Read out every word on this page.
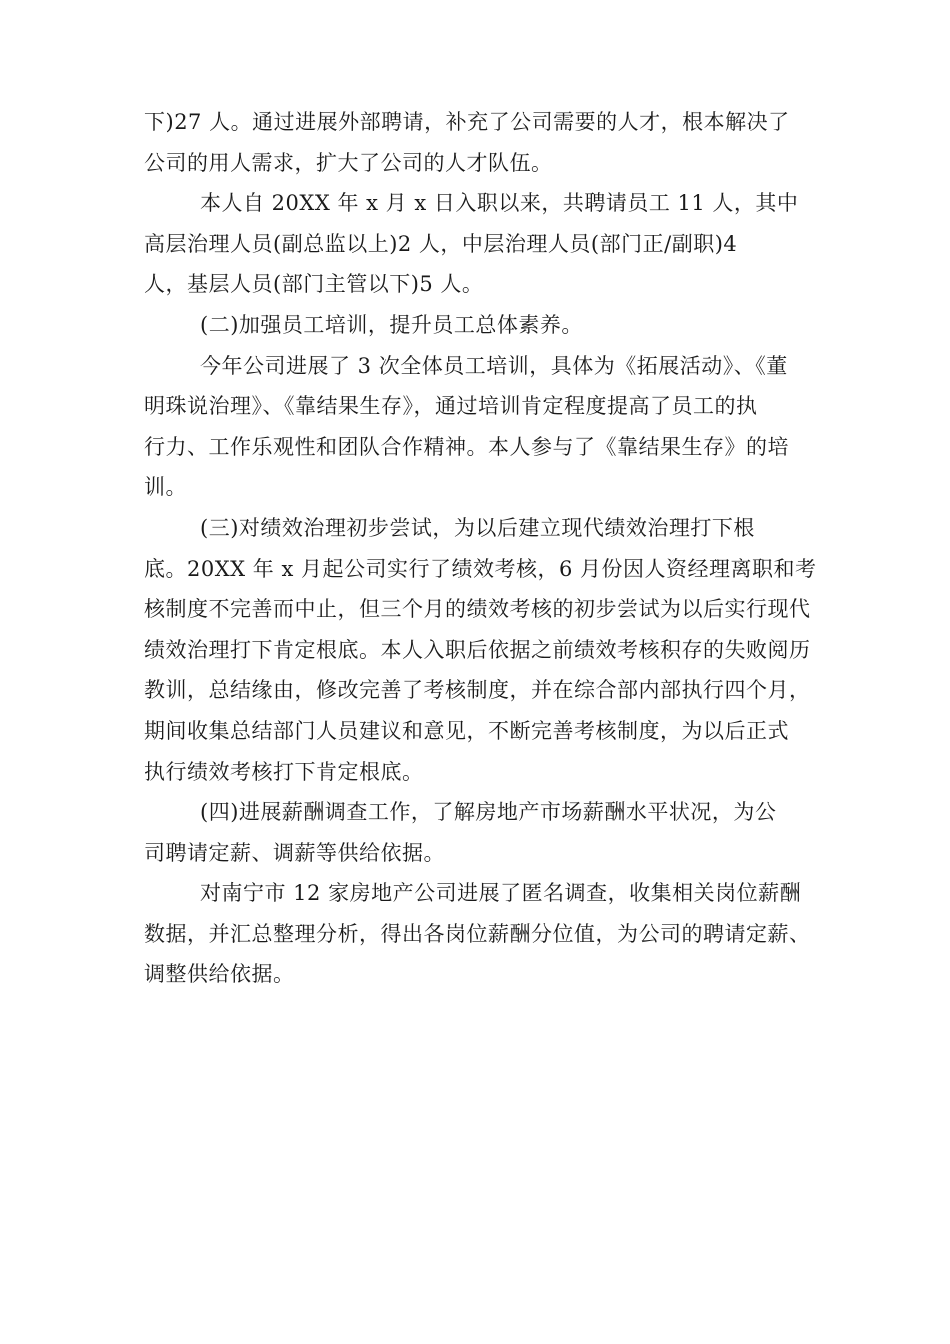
下)27 人。通过进展外部聘请，补充了公司需要的人才，根本解决了
公司的用人需求，扩大了公司的人才队伍。
本人自 20XX 年 x 月 x 日入职以来，共聘请员工 11 人，其中
高层治理人员(副总监以上)2 人，中层治理人员(部门正/副职)4
人，基层人员(部门主管以下)5 人。
(二)加强员工培训，提升员工总体素养。
今年公司进展了 3 次全体员工培训，具体为《拓展活动》、《董
明珠说治理》、《靠结果生存》，通过培训肯定程度提高了员工的执
行力、工作乐观性和团队合作精神。本人参与了《靠结果生存》的培
训。
(三)对绩效治理初步尝试，为以后建立现代绩效治理打下根
底。20XX 年 x 月起公司实行了绩效考核，6 月份因人资经理离职和考
核制度不完善而中止，但三个月的绩效考核的初步尝试为以后实行现代
绩效治理打下肯定根底。本人入职后依据之前绩效考核积存的失败阅历
教训，总结缘由，修改完善了考核制度，并在综合部内部执行四个月，
期间收集总结部门人员建议和意见，不断完善考核制度，为以后正式
执行绩效考核打下肯定根底。
(四)进展薪酬调查工作，了解房地产市场薪酬水平状况，为公
司聘请定薪、调薪等供给依据。
对南宁市 12 家房地产公司进展了匿名调查，收集相关岗位薪酬
数据，并汇总整理分析，得出各岗位薪酬分位值，为公司的聘请定薪、
调整供给依据。
